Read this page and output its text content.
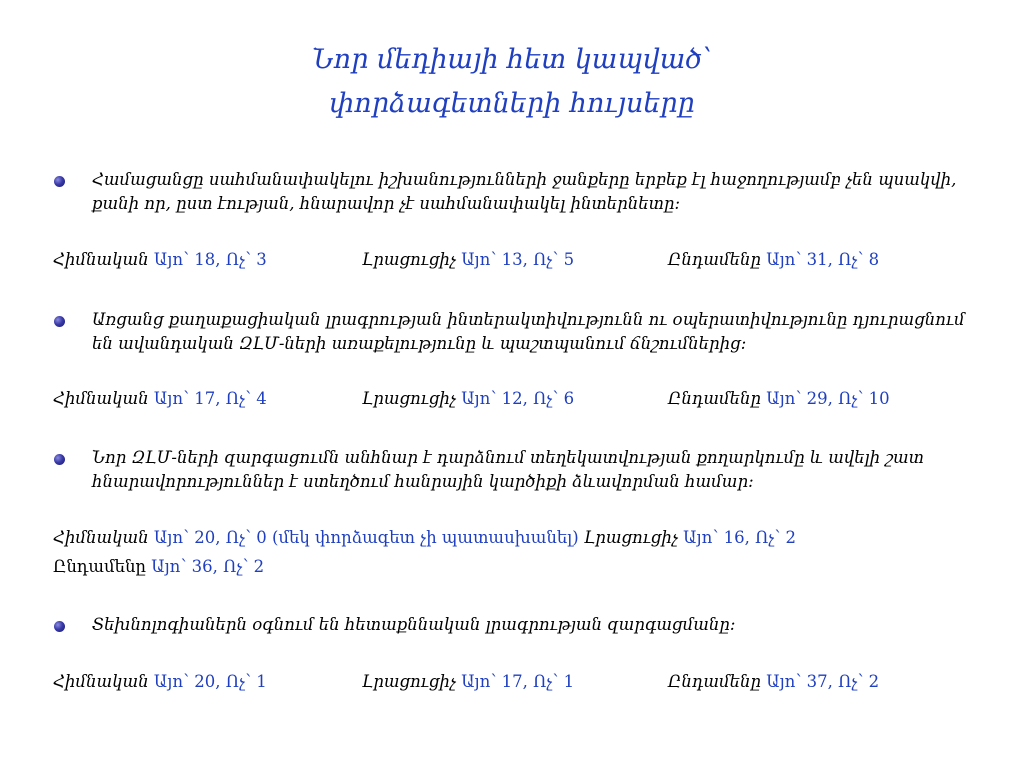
Նոր մեդիայի հետ կապված՝
փորձագետների հույսերը
Համացանցը սահմանափակելու իշխանությունների ջանքերը երբեք էլ հաջողությամբ չեն պսակվի, քանի որ, ըստ էության, հնարավոր չէ սահմանափակել ինտերնետը:
Հիմնական Այո՝ 18, Ոչ՝ 3	Լրացուցիչ Այո՝ 13, Ոչ՝ 5	Ընդամենը Այո՝ 31, Ոչ՝ 8
Առցանց քաղաքացիական լրագրության ինտերակտիվությունն ու օպերատիվությունը դյուրացնում են ավանդական ԶԼՄ-ների առաքելությունը և պաշտպանում ճնշումներից:
Հիմնական Այո՝ 17, Ոչ՝ 4	Լրացուցիչ Այո՝ 12, Ոչ՝ 6	Ընդամենը Այո՝ 29, Ոչ՝ 10
Նոր ԶԼՄ-ների զարգացումն անհնար է դարձնում տեղեկատվության քողարկումը և ավելի շատ հնարավորություններ է ստեղծում հանրային կարծիքի ձևավորման համար:
Հիմնական Այո՝ 20, Ոչ՝ 0 (մեկ փորձագետ չի պատասխանել) Լրացուցիչ Այո՝ 16, Ոչ՝ 2
Ընդամենը Այո՝ 36, Ոչ՝ 2
Տեխնոլոգիաներն օգնում են հետաքննական լրագրության զարգացմանը:
Հիմնական Այո՝ 20, Ոչ՝ 1	Լրացուցիչ Այո՝ 17, Ոչ՝ 1	Ընդամենը Այո՝ 37, Ոչ՝ 2
